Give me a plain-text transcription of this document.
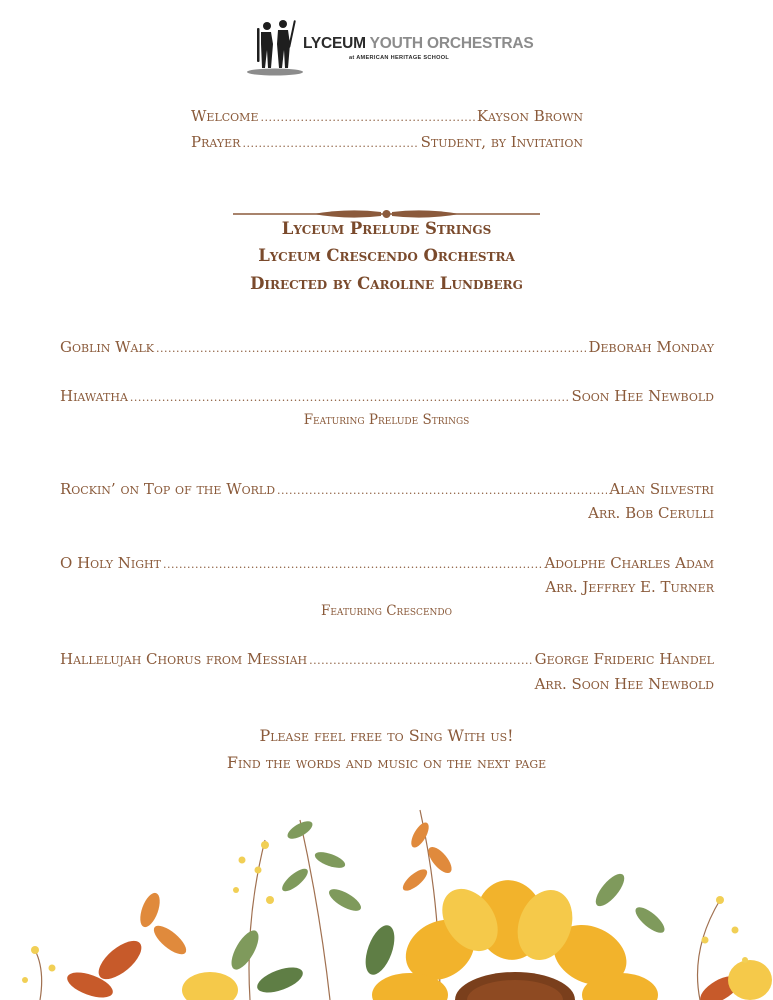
LYCEUM YOUTH ORCHESTRAS
at AMERICAN HERITAGE SCHOOL
Welcome .....	Kayson Brown
Prayer .....	Student, by Invitation
Lyceum Prelude Strings
Lyceum Crescendo Orchestra
Directed by Caroline Lundberg
Goblin Walk .....	Deborah Monday
Hiawatha .....	Soon Hee Newbold
Featuring Prelude Strings
Rockin’ on Top of the World .....	Alan Silvestri
Arr. Bob Cerulli
O Holy Night .....	Adolphe Charles Adam
Arr. Jeffrey E. Turner
Featuring Crescendo
Hallelujah Chorus from Messiah .....	George Frideric Handel
Arr. Soon Hee Newbold
Please feel free to Sing With us!
Find the words and music on the next page
